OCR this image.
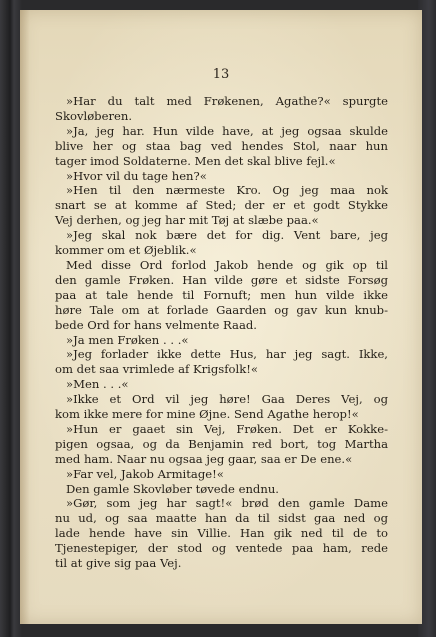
13
»Har du talt med Frøkenen, Agathe?« spurgte
Skovløberen.
»Ja, jeg har. Hun vilde have, at jeg ogsaa skulde
blive her og staa bag ved hendes Stol, naar hun
tager imod Soldaterne. Men det skal blive fejl.«
»Hvor vil du tage hen?«
»Hen til den nærmeste Kro. Og jeg maa nok
snart se at komme af Sted; der er et godt Stykke
Vej derhen, og jeg har mit Tøj at slæbe paa.«
»Jeg skal nok bære det for dig. Vent bare, jeg
kommer om et Øjeblik.«
Med disse Ord forlod Jakob hende og gik op til
den gamle Frøken. Han vilde gøre et sidste Forsøg
paa at tale hende til Fornuft; men hun vilde ikke
høre Tale om at forlade Gaarden og gav kun knub-
bede Ord for hans velmente Raad.
»Ja men Frøken . . .«
»Jeg forlader ikke dette Hus, har jeg sagt. Ikke,
om det saa vrimlede af Krigsfolk!«
»Men . . .«
»Ikke et Ord vil jeg høre! Gaa Deres Vej, og
kom ikke mere for mine Øjne. Send Agathe herop!«
»Hun er gaaet sin Vej, Frøken. Det er Kokke-
pigen ogsaa, og da Benjamin red bort, tog Martha
med ham. Naar nu ogsaa jeg gaar, saa er De ene.«
»Far vel, Jakob Armitage!«
Den gamle Skovløber tøvede endnu.
»Gør, som jeg har sagt!« brød den gamle Dame
nu ud, og saa maatte han da til sidst gaa ned og
lade hende have sin Villie. Han gik ned til de to
Tjenestepiger, der stod og ventede paa ham, rede
til at give sig paa Vej.
